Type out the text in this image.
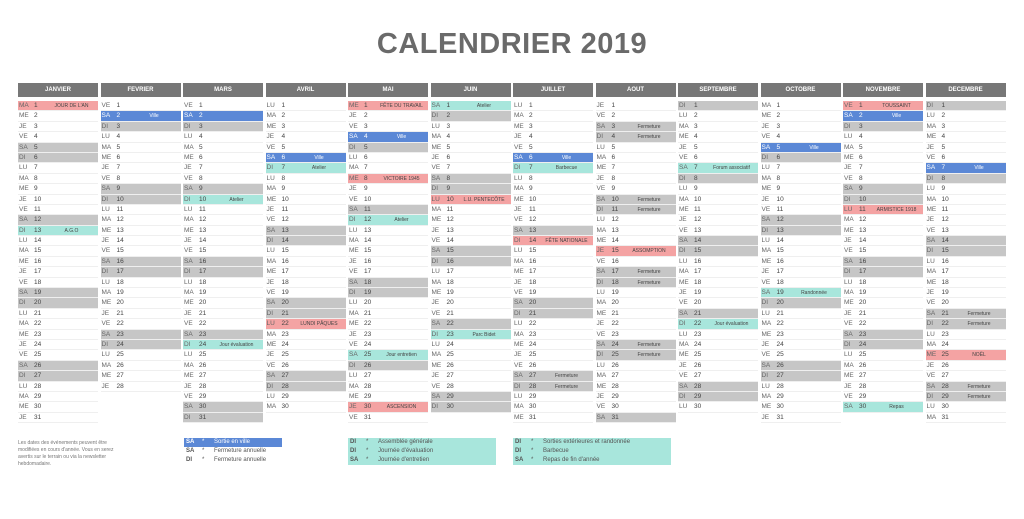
CALENDRIER 2019
JANVIER
MA 1	JOUR DE L'AN
ME 2
JE 3
VE 4
SA 5
DI 6
LU 7
MA 8
ME 9
JE 10
VE 11
SA 12
DI 13	A.G.O
LU 14
MA 15
ME 16
JE 17
VE 18
SA 19
DI 20
LU 21
MA 22
ME 23
JE 24
VE 25
SA 26
DI 27
LU 28
MA 29
ME 30
JE 31
FEVRIER
VE 1
SA 2	Ville
DI 3
LU 4
MA 5
ME 6
JE 7
VE 8
SA 9
DI 10
LU 11
MA 12
ME 13
JE 14
VE 15
SA 16
DI 17
LU 18
MA 19
ME 20
JE 21
VE 22
SA 23
DI 24
LU 25
MA 26
ME 27
JE 28
MARS
VE 1
SA 2
DI 3
LU 4
MA 5
ME 6
JE 7
VE 8
SA 9
DI 10	Atelier
LU 11
MA 12
ME 13
JE 14
VE 15
SA 16
DI 17
LU 18
MA 19
ME 20
JE 21
VE 22
SA 23
DI 24	Jour évaluation
LU 25
MA 26
ME 27
JE 28
VE 29
SA 30
DI 31
AVRIL
LU 1
MA 2
ME 3
JE 4
VE 5
SA 6	Ville
DI 7	Atelier
LU 8
MA 9
ME 10
JE 11
VE 12
SA 13
DI 14
LU 15
MA 16
ME 17
JE 18
VE 19
SA 20
DI 21
LU 22	LUNDI PÂQUES
MA 23
ME 24
JE 25
VE 26
SA 27
DI 28
LU 29
MA 30
MAI
ME 1	FÊTE DU TRAVAIL
JE 2
VE 3
SA 4	Ville
DI 5
LU 6
MA 7
ME 8	VICTOIRE 1945
JE 9
VE 10
SA 11
DI 12	Atelier
LU 13
MA 14
ME 15
JE 16
VE 17
SA 18
DI 19
LU 20
MA 21
ME 22
JE 23
VE 24
SA 25	Jour entretien
DI 26
LU 27
MA 28
ME 29
JE 30	ASCENSION
VE 31
JUIN
SA 1	Atelier
DI 2
LU 3
MA 4
ME 5
JE 6
VE 7
SA 8
DI 9
LU 10	L.U. PENTECÔTE
MA 11
ME 12
JE 13
VE 14
SA 15
DI 16
LU 17
MA 18
ME 19
JE 20
VE 21
SA 22
DI 23	Parc Bidet
LU 24
MA 25
ME 26
JE 27
VE 28
SA 29
DI 30
JUILLET
LU 1
MA 2
ME 3
JE 4
VE 5
SA 6	Ville
DI 7	Barbecue
LU 8
MA 9
ME 10
JE 11
VE 12
SA 13
DI 14	FÊTE NATIONALE
LU 15
MA 16
ME 17
JE 18
VE 19
SA 20
DI 21
LU 22
MA 23
ME 24
JE 25
VE 26
SA 27	Fermeture
DI 28	Fermeture
LU 29
MA 30
ME 31
AOUT
JE 1
VE 2
SA 3	Fermeture
DI 4	Fermeture
LU 5
MA 6
ME 7
JE 8
VE 9
SA 10	Fermeture
DI 11	Fermeture
LU 12
MA 13
ME 14
JE 15	ASSOMPTION
VE 16
SA 17	Fermeture
DI 18	Fermeture
LU 19
MA 20
ME 21
JE 22
VE 23
SA 24	Fermeture
DI 25	Fermeture
LU 26
MA 27
ME 28
JE 29
VE 30
SA 31
SEPTEMBRE
DI 1
LU 2
MA 3
ME 4
JE 5
VE 6
SA 7	Forum associatif
DI 8
LU 9
MA 10
ME 11
JE 12
VE 13
SA 14
DI 15
LU 16
MA 17
ME 18
JE 19
VE 20
SA 21
DI 22	Jour évaluation
LU 23
MA 24
ME 25
JE 26
VE 27
SA 28
DI 29
LU 30
OCTOBRE
MA 1
ME 2
JE 3
VE 4
SA 5	Ville
DI 6
LU 7
MA 8
ME 9
JE 10
VE 11
SA 12
DI 13
LU 14
MA 15
ME 16
JE 17
VE 18
SA 19	Randonnée
DI 20
LU 21
MA 22
ME 23
JE 24
VE 25
SA 26
DI 27
LU 28
MA 29
ME 30
JE 31
NOVEMBRE
VE 1	TOUSSAINT
SA 2	Ville
DI 3
LU 4
MA 5
ME 6
JE 7
VE 8
SA 9
DI 10
LU 11	ARMISTICE 1918
MA 12
ME 13
JE 14
VE 15
SA 16
DI 17
LU 18
MA 19
ME 20
JE 21
VE 22
SA 23
DI 24
LU 25
MA 26
ME 27
JE 28
VE 29
SA 30	Repas
DECEMBRE
DI 1
LU 2
MA 3
ME 4
JE 5
VE 6
SA 7	Ville
DI 8
LU 9
MA 10
ME 11
JE 12
VE 13
SA 14
DI 15
LU 16
MA 17
ME 18
JE 19
VE 20
SA 21	Fermeture
DI 22	Fermeture
LU 23
MA 24
ME 25	NOËL
JE 26
VE 27
SA 28	Fermeture
DI 29	Fermeture
LU 30
MA 31
Les dates des événements peuvent être modifiées en cours d'année. Vous en serez avertis sur le terrain ou via la newsletter hebdomadaire.
SA * Sortie en ville
SA * Fermeture annuelle
DI * Fermeture annuelle
DI * Assemblée générale
DI * Journée d'évaluation
SA * Journée d'entretien
DI * Sorties extérieures et randonnée
DI * Barbecue
SA * Repas de fin d'année
